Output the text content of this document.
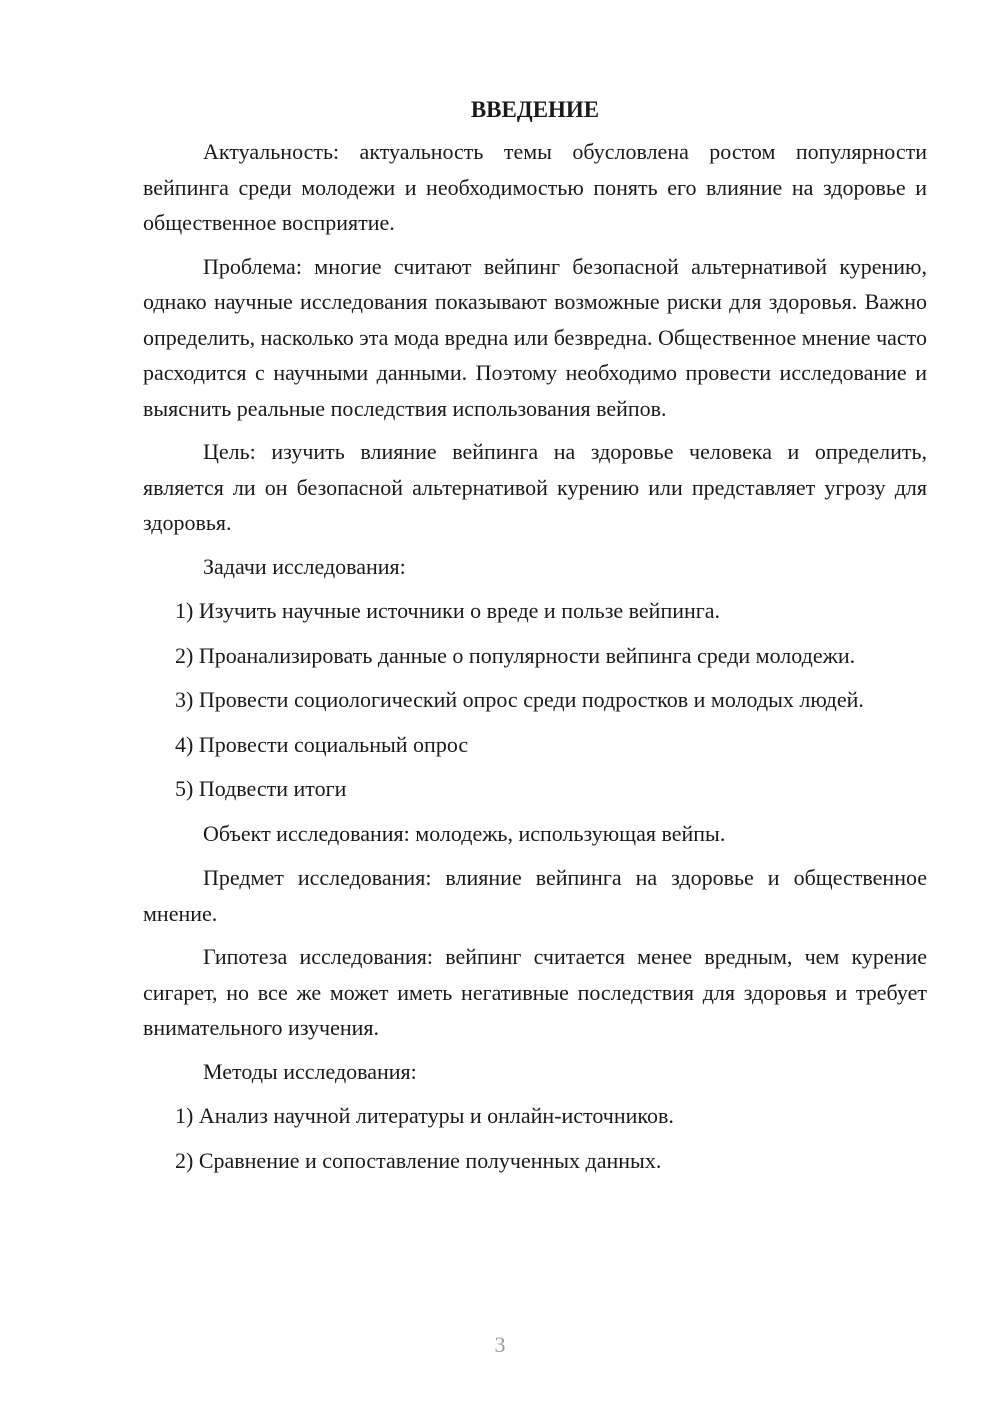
ВВЕДЕНИЕ

Актуальность: актуальность темы обусловлена ростом популярности вейпинга среди молодежи и необходимостью понять его влияние на здоровье и общественное восприятие.

Проблема: многие считают вейпинг безопасной альтернативой курению, однако научные исследования показывают возможные риски для здоровья. Важно определить, насколько эта мода вредна или безвредна. Общественное мнение часто расходится с научными данными. Поэтому необходимо провести исследование и выяснить реальные последствия использования вейпов.

Цель: изучить влияние вейпинга на здоровье человека и определить, является ли он безопасной альтернативой курению или представляет угрозу для здоровья.

Задачи исследования:

1) Изучить научные источники о вреде и пользе вейпинга.

2) Проанализировать данные о популярности вейпинга среди молодежи.

3) Провести социологический опрос среди подростков и молодых людей.

4) Провести социальный опрос

5) Подвести итоги

Объект исследования: молодежь, использующая вейпы.

Предмет исследования: влияние вейпинга на здоровье и общественное мнение.

Гипотеза исследования: вейпинг считается менее вредным, чем курение сигарет, но все же может иметь негативные последствия для здоровья и требует внимательного изучения.

Методы исследования:

1) Анализ научной литературы и онлайн-источников.

2) Сравнение и сопоставление полученных данных.

3
